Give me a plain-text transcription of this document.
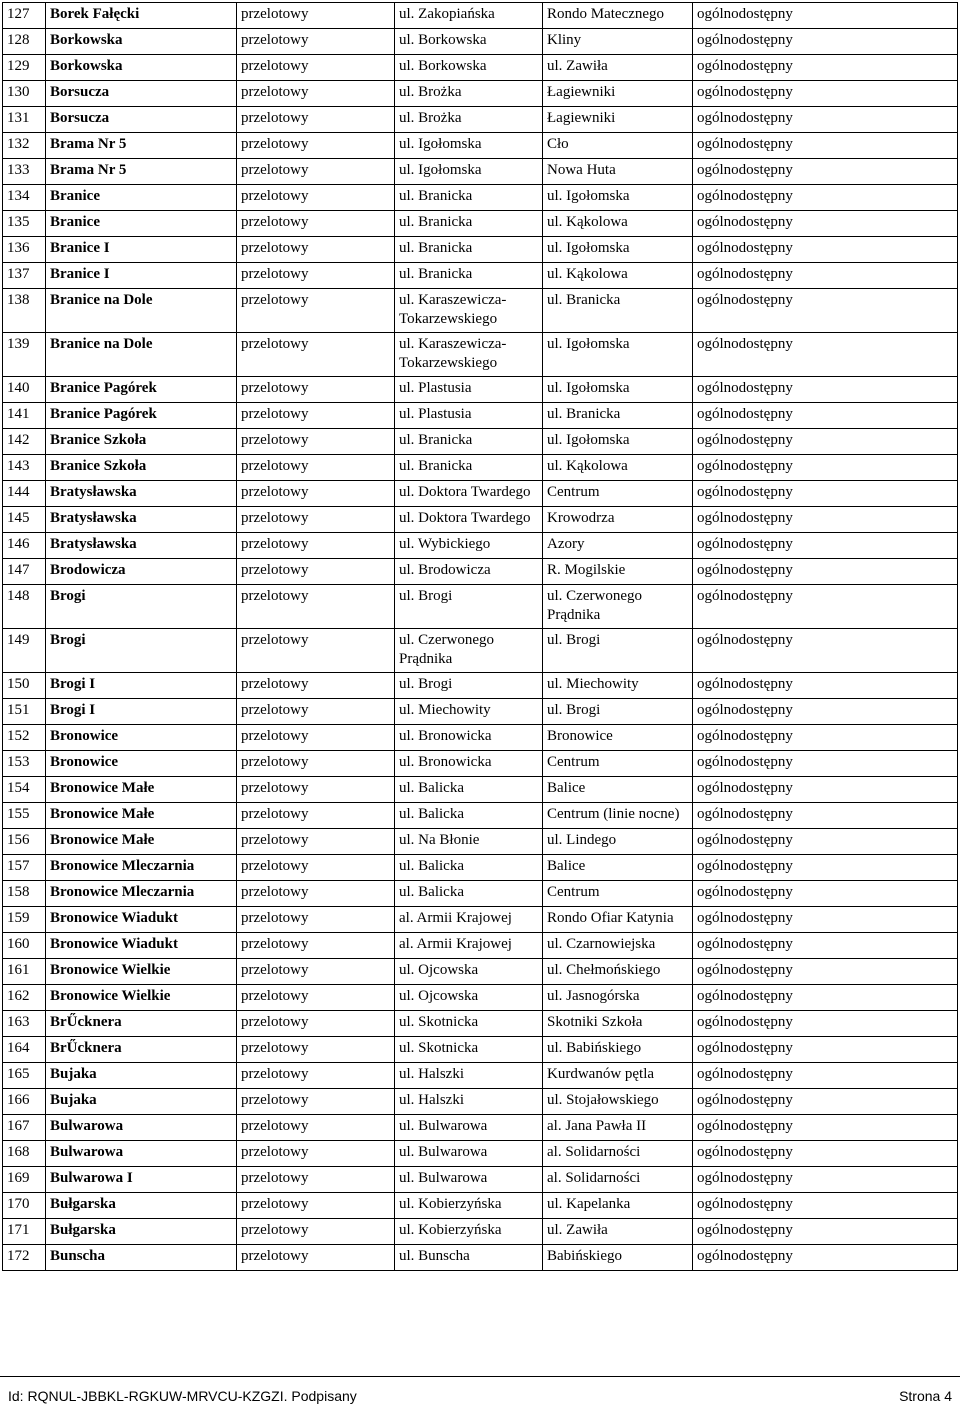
127	Borek Fałęcki	przelotowy	ul. Zakopiańska	Rondo Matecznego	ogólnodostępny
128	Borkowska	przelotowy	ul. Borkowska	Kliny	ogólnodostępny
129	Borkowska	przelotowy	ul. Borkowska	ul. Zawiła	ogólnodostępny
130	Borsucza	przelotowy	ul. Brożka	Łagiewniki	ogólnodostępny
131	Borsucza	przelotowy	ul. Brożka	Łagiewniki	ogólnodostępny
132	Brama Nr 5	przelotowy	ul. Igołomska	Cło	ogólnodostępny
133	Brama Nr 5	przelotowy	ul. Igołomska	Nowa Huta	ogólnodostępny
134	Branice	przelotowy	ul. Branicka	ul. Igołomska	ogólnodostępny
135	Branice	przelotowy	ul. Branicka	ul. Kąkolowa	ogólnodostępny
136	Branice I	przelotowy	ul. Branicka	ul. Igołomska	ogólnodostępny
137	Branice I	przelotowy	ul. Branicka	ul. Kąkolowa	ogólnodostępny
138	Branice na Dole	przelotowy	ul. Karaszewicza-Tokarzewskiego	ul. Branicka	ogólnodostępny
139	Branice na Dole	przelotowy	ul. Karaszewicza-Tokarzewskiego	ul. Igołomska	ogólnodostępny
140	Branice Pagórek	przelotowy	ul. Plastusia	ul. Igołomska	ogólnodostępny
141	Branice Pagórek	przelotowy	ul. Plastusia	ul. Branicka	ogólnodostępny
142	Branice Szkoła	przelotowy	ul. Branicka	ul. Igołomska	ogólnodostępny
143	Branice Szkoła	przelotowy	ul. Branicka	ul. Kąkolowa	ogólnodostępny
144	Bratysławska	przelotowy	ul. Doktora Twardego	Centrum	ogólnodostępny
145	Bratysławska	przelotowy	ul. Doktora Twardego	Krowodrza	ogólnodostępny
146	Bratysławska	przelotowy	ul. Wybickiego	Azory	ogólnodostępny
147	Brodowicza	przelotowy	ul. Brodowicza	R. Mogilskie	ogólnodostępny
148	Brogi	przelotowy	ul. Brogi	ul. Czerwonego Prądnika	ogólnodostępny
149	Brogi	przelotowy	ul. Czerwonego Prądnika	ul. Brogi	ogólnodostępny
150	Brogi I	przelotowy	ul. Brogi	ul. Miechowity	ogólnodostępny
151	Brogi I	przelotowy	ul. Miechowity	ul. Brogi	ogólnodostępny
152	Bronowice	przelotowy	ul. Bronowicka	Bronowice	ogólnodostępny
153	Bronowice	przelotowy	ul. Bronowicka	Centrum	ogólnodostępny
154	Bronowice Małe	przelotowy	ul. Balicka	Balice	ogólnodostępny
155	Bronowice Małe	przelotowy	ul. Balicka	Centrum (linie nocne)	ogólnodostępny
156	Bronowice Małe	przelotowy	ul. Na Błonie	ul. Lindego	ogólnodostępny
157	Bronowice Mleczarnia	przelotowy	ul. Balicka	Balice	ogólnodostępny
158	Bronowice Mleczarnia	przelotowy	ul. Balicka	Centrum	ogólnodostępny
159	Bronowice Wiadukt	przelotowy	al. Armii Krajowej	Rondo Ofiar Katynia	ogólnodostępny
160	Bronowice Wiadukt	przelotowy	al. Armii Krajowej	ul. Czarnowiejska	ogólnodostępny
161	Bronowice Wielkie	przelotowy	ul. Ojcowska	ul. Chełmońskiego	ogólnodostępny
162	Bronowice Wielkie	przelotowy	ul. Ojcowska	ul. Jasnogórska	ogólnodostępny
163	BrŰcknera	przelotowy	ul. Skotnicka	Skotniki Szkoła	ogólnodostępny
164	BrŰcknera	przelotowy	ul. Skotnicka	ul. Babińskiego	ogólnodostępny
165	Bujaka	przelotowy	ul. Halszki	Kurdwanów pętla	ogólnodostępny
166	Bujaka	przelotowy	ul. Halszki	ul. Stojałowskiego	ogólnodostępny
167	Bulwarowa	przelotowy	ul. Bulwarowa	al. Jana Pawła II	ogólnodostępny
168	Bulwarowa	przelotowy	ul. Bulwarowa	al. Solidarności	ogólnodostępny
169	Bulwarowa I	przelotowy	ul. Bulwarowa	al. Solidarności	ogólnodostępny
170	Bułgarska	przelotowy	ul. Kobierzyńska	ul. Kapelanka	ogólnodostępny
171	Bułgarska	przelotowy	ul. Kobierzyńska	ul. Zawiła	ogólnodostępny
172	Bunscha	przelotowy	ul. Bunscha	Babińskiego	ogólnodostępny
Id: RQNUL-JBBKL-RGKUW-MRVCU-KZGZI. Podpisany	Strona 4
